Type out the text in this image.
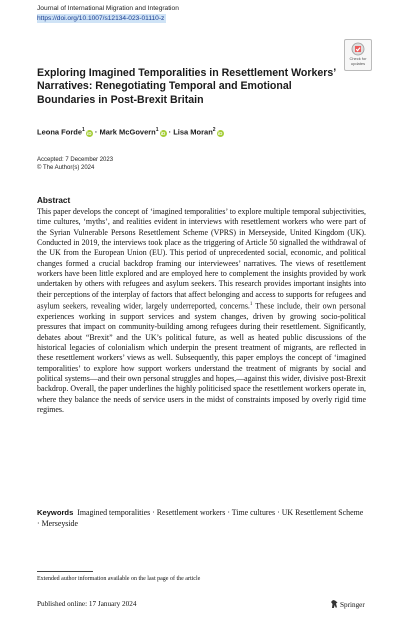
Journal of International Migration and Integration
https://doi.org/10.1007/s12134-023-01110-z
Check for
updates
Exploring Imagined Temporalities in Resettlement Workers’ Narratives: Renegotiating Temporal and Emotional Boundaries in Post-Brexit Britain
Leona Forde$^1$ iD · Mark McGovern$^1$ iD · Lisa Moran$^2$ iD
Accepted: 7 December 2023
© The Author(s) 2024
Abstract
This paper develops the concept of ‘imagined temporalities’ to explore multiple temporal subjectivities, time cultures, ‘myths’, and realities evident in interviews with resettlement workers who were part of the Syrian Vulnerable Persons Resettlement Scheme (VPRS) in Merseyside, United Kingdom (UK). Conducted in 2019, the interviews took place as the triggering of Article 50 signalled the withdrawal of the UK from the European Union (EU). This period of unprecedented social, economic, and political changes formed a crucial backdrop framing our interviewees’ narratives. The views of resettlement workers have been little explored and are employed here to complement the insights provided by work undertaken by others with refugees and asylum seekers. This research provides important insights into their perceptions of the interplay of factors that affect belonging and access to supports for refugees and asylum seekers, revealing wider, largely underreported, concerns.$^1$ These include, their own personal experiences working in support services and system changes, driven by growing socio-political pressures that impact on community-building among refugees during their resettlement. Significantly, debates about “Brexit” and the UK’s political future, as well as heated public discussions of the historical legacies of colonialism which underpin the present treatment of migrants, are reflected in these resettlement workers’ views as well. Subsequently, this paper employs the concept of ‘imagined temporalities’ to explore how support workers understand the treatment of migrants by social and political systems—and their own personal struggles and hopes,—against this wider, divisive post-Brexit backdrop. Overall, the paper underlines the highly politicised space the resettlement workers operate in, where they balance the needs of service users in the midst of constraints imposed by overly rigid time regimes.
Keywords Imagined temporalities · Resettlement workers · Time cultures · UK Resettlement Scheme · Merseyside
Extended author information available on the last page of the article
Published online: 17 January 2024	Springer
